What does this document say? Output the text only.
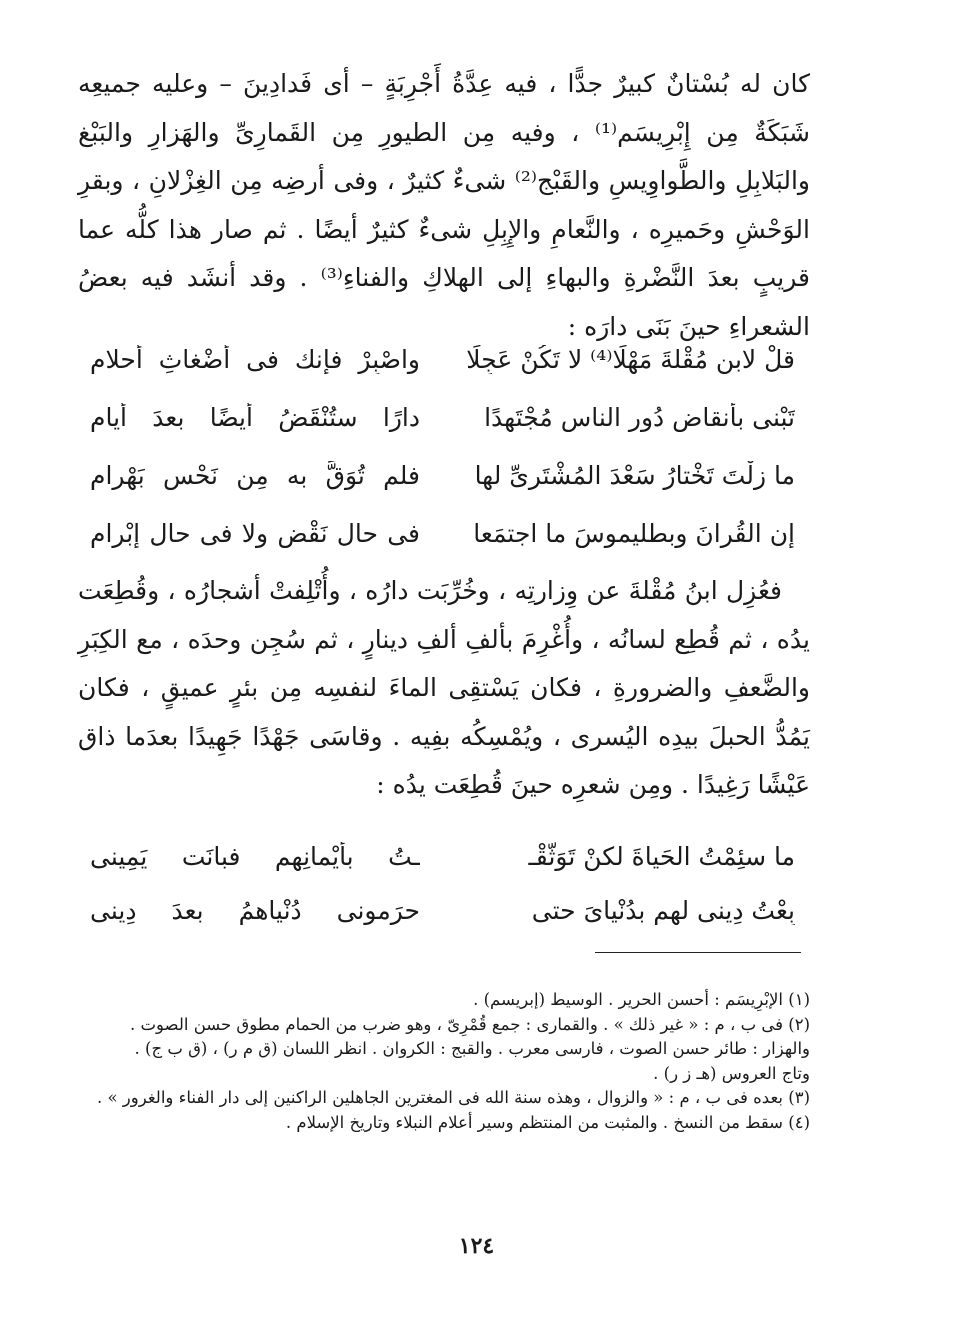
كان له بُسْتانٌ كبيرٌ جدًّا ، فيه عِدَّةُ أَجْرِبَةٍ – أى فَدادِينَ – وعليه جميعِه شَبَكَةٌ مِن إِبْرِيسَم⁽¹⁾ ، وفيه مِن الطيورِ مِن القَمارِىِّ والهَزارِ والبَبْغ والبَلابِلِ والطَّواوِيسِ والقَبْج⁽²⁾ شىءٌ كثيرٌ ، وفى أرضِه مِن الغِزْلانِ ، وبقرِ الوَحْشِ وحَميرِه ، والنَّعامِ والإِبِلِ شىءٌ كثيرٌ أيضًا . ثم صار هذا كلُّه عما قريبٍ بعدَ النَّضْرةِ والبهاءِ إلى الهلاكِ والفناءِ⁽³⁾ . وقد أنشَد فيه بعضُ الشعراءِ حينَ بَنَى دارَه :

قلْ لابنِ مُقْلةَ مَهْلًا⁽⁴⁾ لا تَكُنْ عَجِلًا
واصْبِرْ فإنك فى أَضْغاثِ أحلامِ
تَبْنى بأنقاضِ دُورِ الناسِ مُجْتَهِدًا
دارًا ستُنْقَضُ أيضًا بعدَ أيامِ
ما زِلْتَ تَخْتارُ سَعْدَ المُشْتَرِىِّ لها
فلم تُوَقَّ به مِن نَحْسِ بَهْرامِ
إن القُرانَ وبطليموسَ ما اجتمَعا
فى حالِ نَقْضٍ ولا فى حالِ إبْرامِ

فعُزِل ابنُ مُقْلةَ عن وِزارتِه ، وخُرِّبَت دارُه ، وأُتْلِفتْ أشجارُه ، وقُطِعَت يدُه ، ثم قُطِع لسانُه ، وأُغْرِمَ بألفِ ألفِ دينارٍ ، ثم سُجِن وحدَه ، مع الكِبَرِ والضَّعفِ والضرورةِ ، فكان يَسْتقِى الماءَ لنفسِه مِن بئرٍ عميقٍ ، فكان يَمُدُّ الحبلَ بيدِه اليُسرى ، ويُمْسِكُه بفِيه . وقاسَى جَهْدًا جَهِيدًا بعدَما ذاق عَيْشًا رَغِيدًا . ومِن شعرِه حينَ قُطِعَت يدُه :

ما سئِمْتُ الحَياةَ لكنْ تَوَثَّقْـ
ـتُ بأَيْمانِهم فبانَت يَمِينى
بِعْتُ دِينى لهم بدُنْياىَ حتى
حرَمونى دُنْياهمُ بعدَ دِينى
(١) الإبْرِيسَم : أحسن الحرير . الوسيط (إبريسم) .
(٢) فى ب ، م : « غير ذلك » . والقمارى : جمع قُمْرِىّ ، وهو ضرب من الحمام مطوق حسن الصوت .
والهزار : طائر حسن الصوت ، فارسى معرب . والقبج : الكروان . انظر اللسان (ق م ر) ، (ق ب ج) .
وتاج العروس (هـ ز ر) .
(٣) بعده فى ب ، م : « والزوال ، وهذه سنة الله فى المغترين الجاهلين الراكنين إلى دار الفناء والغرور » .
(٤) سقط من النسخ . والمثبت من المنتظم وسير أعلام النبلاء وتاريخ الإسلام .
١٢٤
